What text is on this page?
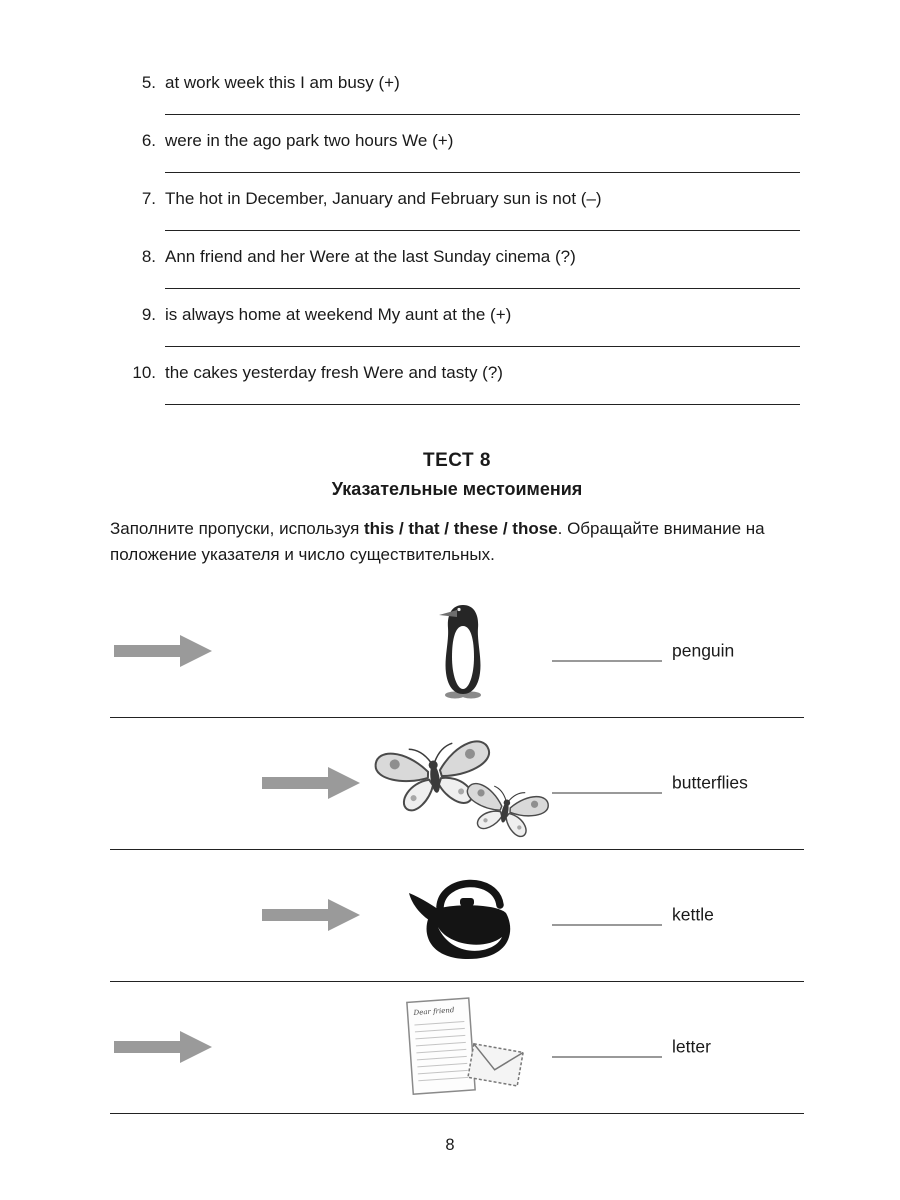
5. at work week this I am busy (+)
6. were in the ago park two hours We (+)
7. The hot in December, January and February sun is not (–)
8. Ann friend and her Were at the last Sunday cinema (?)
9. is always home at weekend My aunt at the (+)
10. the cakes yesterday fresh Were and tasty (?)
ТЕСТ 8
Указательные местоимения

Заполните пропуски, используя this / that / these / those. Обращайте внимание на положение указателя и число существительных.

penguin
butterflies
kettle
Dear friend
letter
8
